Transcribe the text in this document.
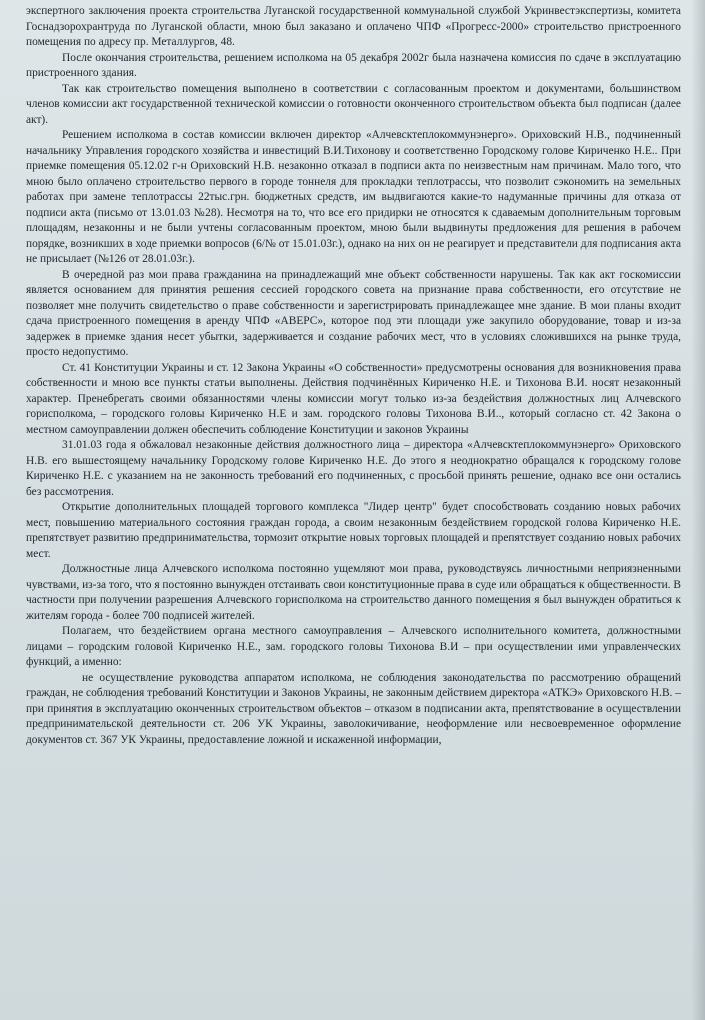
экспертного заключения проекта строительства Луганской государственной коммунальной службой Укринвестэкспертизы, комитета Госнадзорохрантруда по Луганской области, мною был заказано и оплачено ЧПФ «Прогресс-2000» строительство пристроенного помещения по адресу пр. Металлургов, 48.

После окончания строительства, решением исполкома на 05 декабря 2002г была назначена комиссия по сдаче в эксплуатацию пристроенного здания.

Так как строительство помещения выполнено в соответствии с согласованным проектом и документами, большинством членов комиссии акт государственной технической комиссии о готовности оконченного строительством объекта был подписан (далее акт).

Решением исполкома в состав комиссии включен директор «Алчевсктеплокоммунэнерго». Ориховский Н.В., подчиненный начальнику Управления городского хозяйства и инвестиций В.И.Тихонову и соответственно Городскому голове Кириченко Н.Е.. При приемке помещения 05.12.02 г-н Ориховский Н.В. незаконно отказал в подписи акта по неизвестным нам причинам. Мало того, что мною было оплачено строительство первого в городе тоннеля для прокладки теплотрассы, что позволит сэкономить на земельных работах при замене теплотрассы 22тыс.грн. бюджетных средств, им выдвигаются какие-то надуманные причины для отказа от подписи акта (письмо от 13.01.03 №28). Несмотря на то, что все его придирки не относятся к сдаваемым дополнительным торговым площадям, незаконны и не были учтены согласованным проектом, мною были выдвинуты предложения для решения в рабочем порядке, возникших в ходе приемки вопросов (6/№ от 15.01.03г.), однако на них он не реагирует и представители для подписания акта не присылает (№126 от 28.01.03г.).

В очередной раз мои права гражданина на принадлежащий мне объект собственности нарушены. Так как акт госкомиссии является основанием для принятия решения сессией городского совета на признание права собственности, его отсутствие не позволяет мне получить свидетельство о праве собственности и зарегистрировать принадлежащее мне здание. В мои планы входит сдача пристроенного помещения в аренду ЧПФ «АВЕРС», которое под эти площади уже закупило оборудование, товар и из-за задержек в приемке здания несет убытки, задерживается и создание рабочих мест, что в условиях сложившихся на рынке труда, просто недопустимо.

Ст. 41 Конституции Украины и ст. 12 Закона Украины «О собственности» предусмотрены основания для возникновения права собственности и мною все пункты статьи выполнены. Действия подчинённых Кириченко Н.Е. и Тихонова В.И. носят незаконный характер. Пренебрегать своими обязанностями члены комиссии могут только из-за бездействия должностных лиц Алчевского горисполкома, – городского головы Кириченко Н.Е и зам. городского головы Тихонова В.И.., который согласно ст. 42 Закона о местном самоуправлении должен обеспечить соблюдение Конституции и законов Украины

31.01.03 года я обжаловал незаконные действия должностного лица – директора «Алчевсктеплокоммунэнерго» Ориховского Н.В. его вышестоящему начальнику Городскому голове Кириченко Н.Е. До этого я неоднократно обращался к городскому голове Кириченко Н.Е. с указанием на не законность требований его подчиненных, с просьбой принять решение, однако все они остались без рассмотрения.

Открытие дополнительных площадей торгового комплекса "Лидер центр" будет способствовать созданию новых рабочих мест, повышению материального состояния граждан города, а своим незаконным бездействием городской голова Кириченко Н.Е. препятствует развитию предпринимательства, тормозит открытие новых торговых площадей и препятствует созданию новых рабочих мест.

Должностные лица Алчевского исполкома постоянно ущемляют мои права, руководствуясь личностными неприязненными чувствами, из-за того, что я постоянно вынужден отстаивать свои конституционные права в суде или обращаться к общественности. В частности при получении разрешения Алчевского горисполкома на строительство данного помещения я был вынужден обратиться к жителям города - более 700 подписей жителей.

Полагаем, что бездействием органа местного самоуправления – Алчевского исполнительного комитета, должностными лицами – городским головой Кириченко Н.Е., зам. городского головы Тихонова В.И – при осуществлении ими управленческих функций, а именно:

не осуществление руководства аппаратом исполкома, не соблюдения законодательства по рассмотрению обращений граждан, не соблюдения требований Конституции и Законов Украины, не законным действием директора «АТКЭ» Ориховского Н.В. – при принятия в эксплуатацию оконченных строительством объектов – отказом в подписании акта, препятствование в осуществлении предпринимательской деятельности ст. 206 УК Украины, заволокичивание, неоформление или несвоевременное оформление документов ст. 367 УК Украины, предоставление ложной и искаженной информации,
